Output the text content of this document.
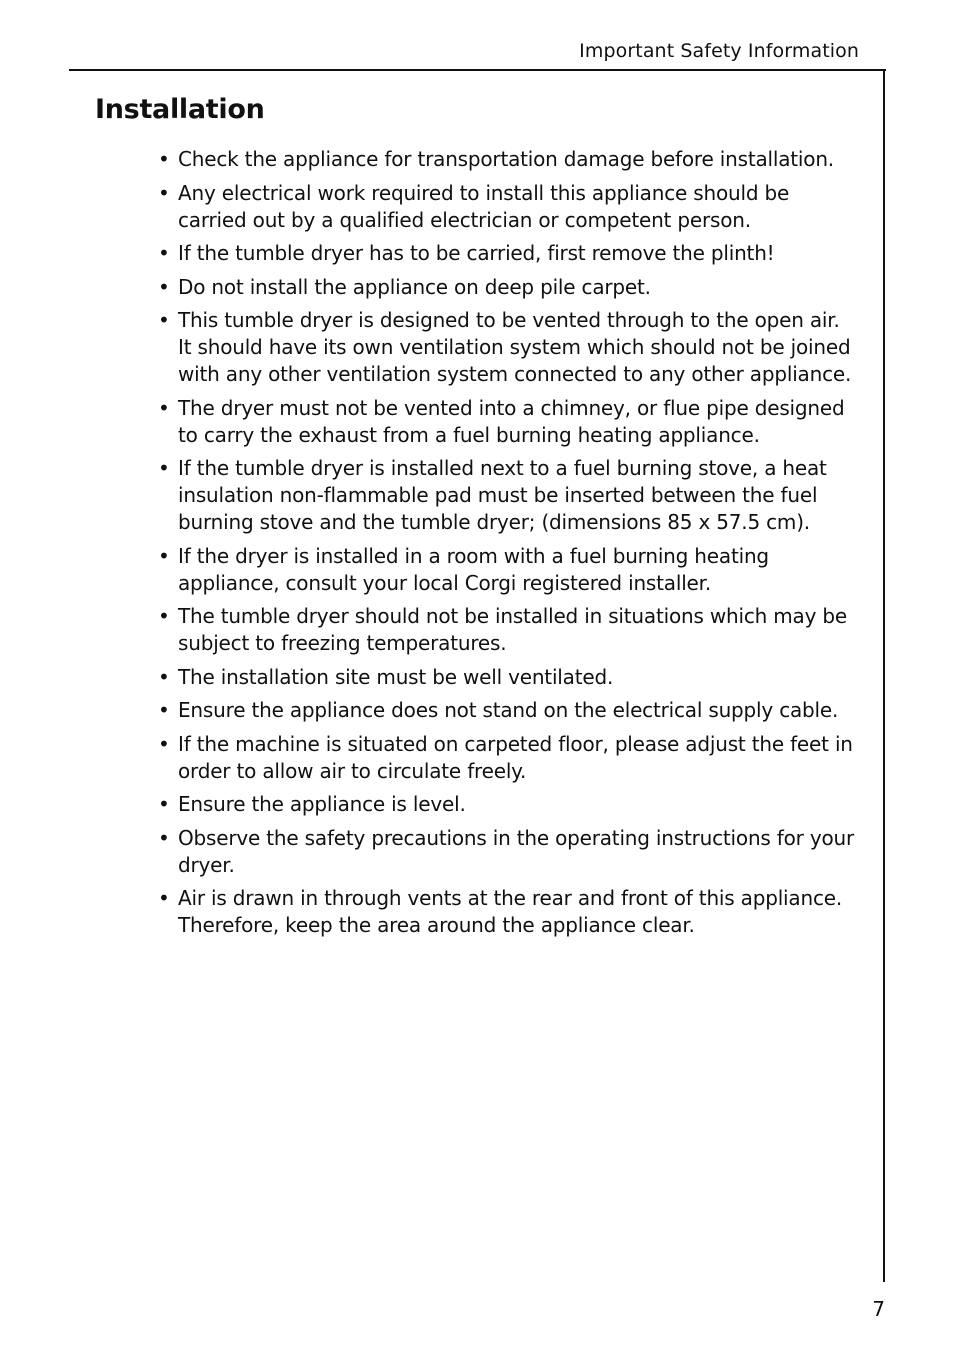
Important Safety Information
Installation
• Check the appliance for transportation damage before installation.
• Any electrical work required to install this appliance should be carried out by a qualified electrician or competent person.
• If the tumble dryer has to be carried, first remove the plinth!
• Do not install the appliance on deep pile carpet.
• This tumble dryer is designed to be vented through to the open air. It should have its own ventilation system which should not be joined with any other ventilation system connected to any other appliance.
• The dryer must not be vented into a chimney, or flue pipe designed to carry the exhaust from a fuel burning heating appliance.
• If the tumble dryer is installed next to a fuel burning stove, a heat insulation non-flammable pad must be inserted between the fuel burning stove and the tumble dryer; (dimensions 85 x 57.5 cm).
• If the dryer is installed in a room with a fuel burning heating appliance, consult your local Corgi registered installer.
• The tumble dryer should not be installed in situations which may be subject to freezing temperatures.
• The installation site must be well ventilated.
• Ensure the appliance does not stand on the electrical supply cable.
• If the machine is situated on carpeted floor, please adjust the feet in order to allow air to circulate freely.
• Ensure the appliance is level.
• Observe the safety precautions in the operating instructions for your dryer.
• Air is drawn in through vents at the rear and front of this appliance. Therefore, keep the area around the appliance clear.
7
